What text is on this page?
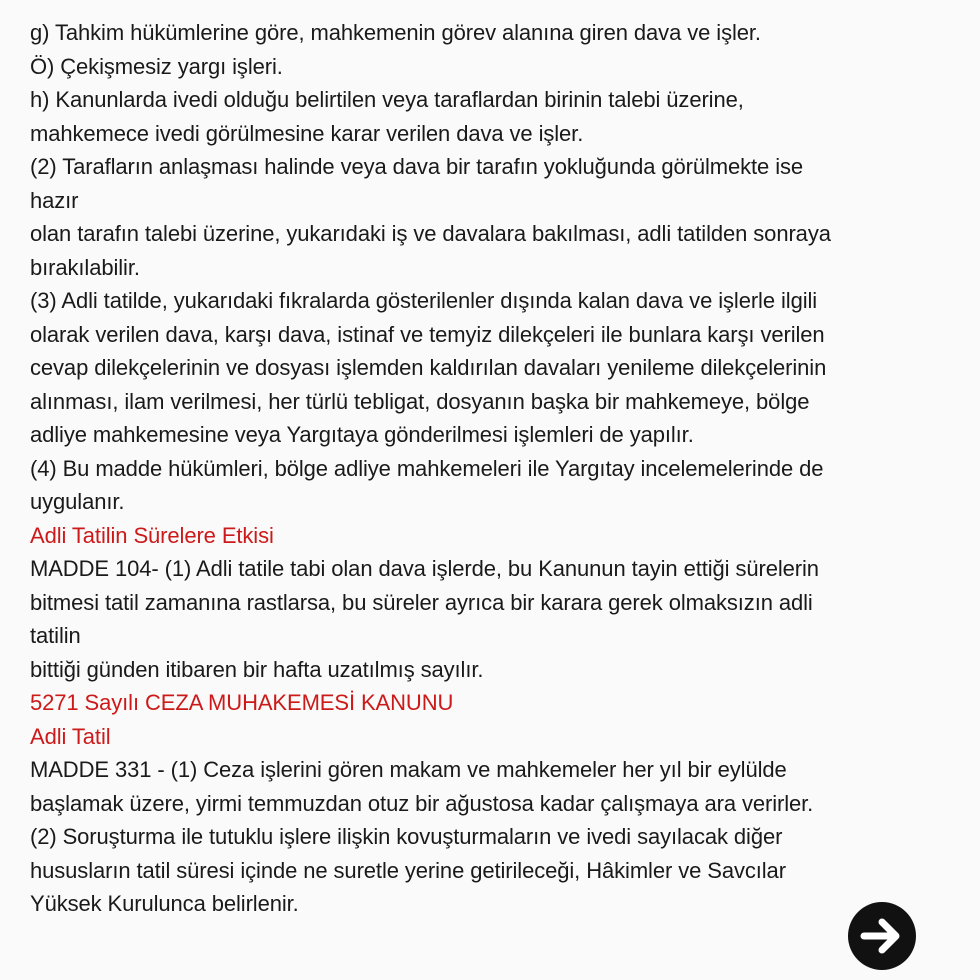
g) Tahkim hükümlerine göre, mahkemenin görev alanına giren dava ve işler.
Ö) Çekişmesiz yargı işleri.
h) Kanunlarda ivedi olduğu belirtilen veya taraflardan birinin talebi üzerine,
mahkemece ivedi görülmesine karar verilen dava ve işler.
(2) Tarafların anlaşması halinde veya dava bir tarafın yokluğunda görülmekte ise
hazır
olan tarafın talebi üzerine, yukarıdaki iş ve davalara bakılması, adli tatilden sonraya
bırakılabilir.
(3) Adli tatilde, yukarıdaki fıkralarda gösterilenler dışında kalan dava ve işlerle ilgili
olarak verilen dava, karşı dava, istinaf ve temyiz dilekçeleri ile bunlara karşı verilen
cevap dilekçelerinin ve dosyası işlemden kaldırılan davaları yenileme dilekçelerinin
alınması, ilam verilmesi, her türlü tebligat, dosyanın başka bir mahkemeye, bölge
adliye mahkemesine veya Yargıtaya gönderilmesi işlemleri de yapılır.
(4) Bu madde hükümleri, bölge adliye mahkemeleri ile Yargıtay incelemelerinde de
uygulanır.
Adli Tatilin Sürelere Etkisi
MADDE 104- (1) Adli tatile tabi olan dava işlerde, bu Kanunun tayin ettiği sürelerin
bitmesi tatil zamanına rastlarsa, bu süreler ayrıca bir karara gerek olmaksızın adli
tatilin
bittiği günden itibaren bir hafta uzatılmış sayılır.
5271 Sayılı CEZA MUHAKEMESİ KANUNU
Adli Tatil
MADDE 331 - (1) Ceza işlerini gören makam ve mahkemeler her yıl bir eylülde
başlamak üzere, yirmi temmuzdan otuz bir ağustosa kadar çalışmaya ara verirler.
(2) Soruşturma ile tutuklu işlere ilişkin kovuşturmaların ve ivedi sayılacak diğer
hususların tatil süresi içinde ne suretle yerine getirileceği, Hâkimler ve Savcılar
Yüksek Kurulunca belirlenir.
